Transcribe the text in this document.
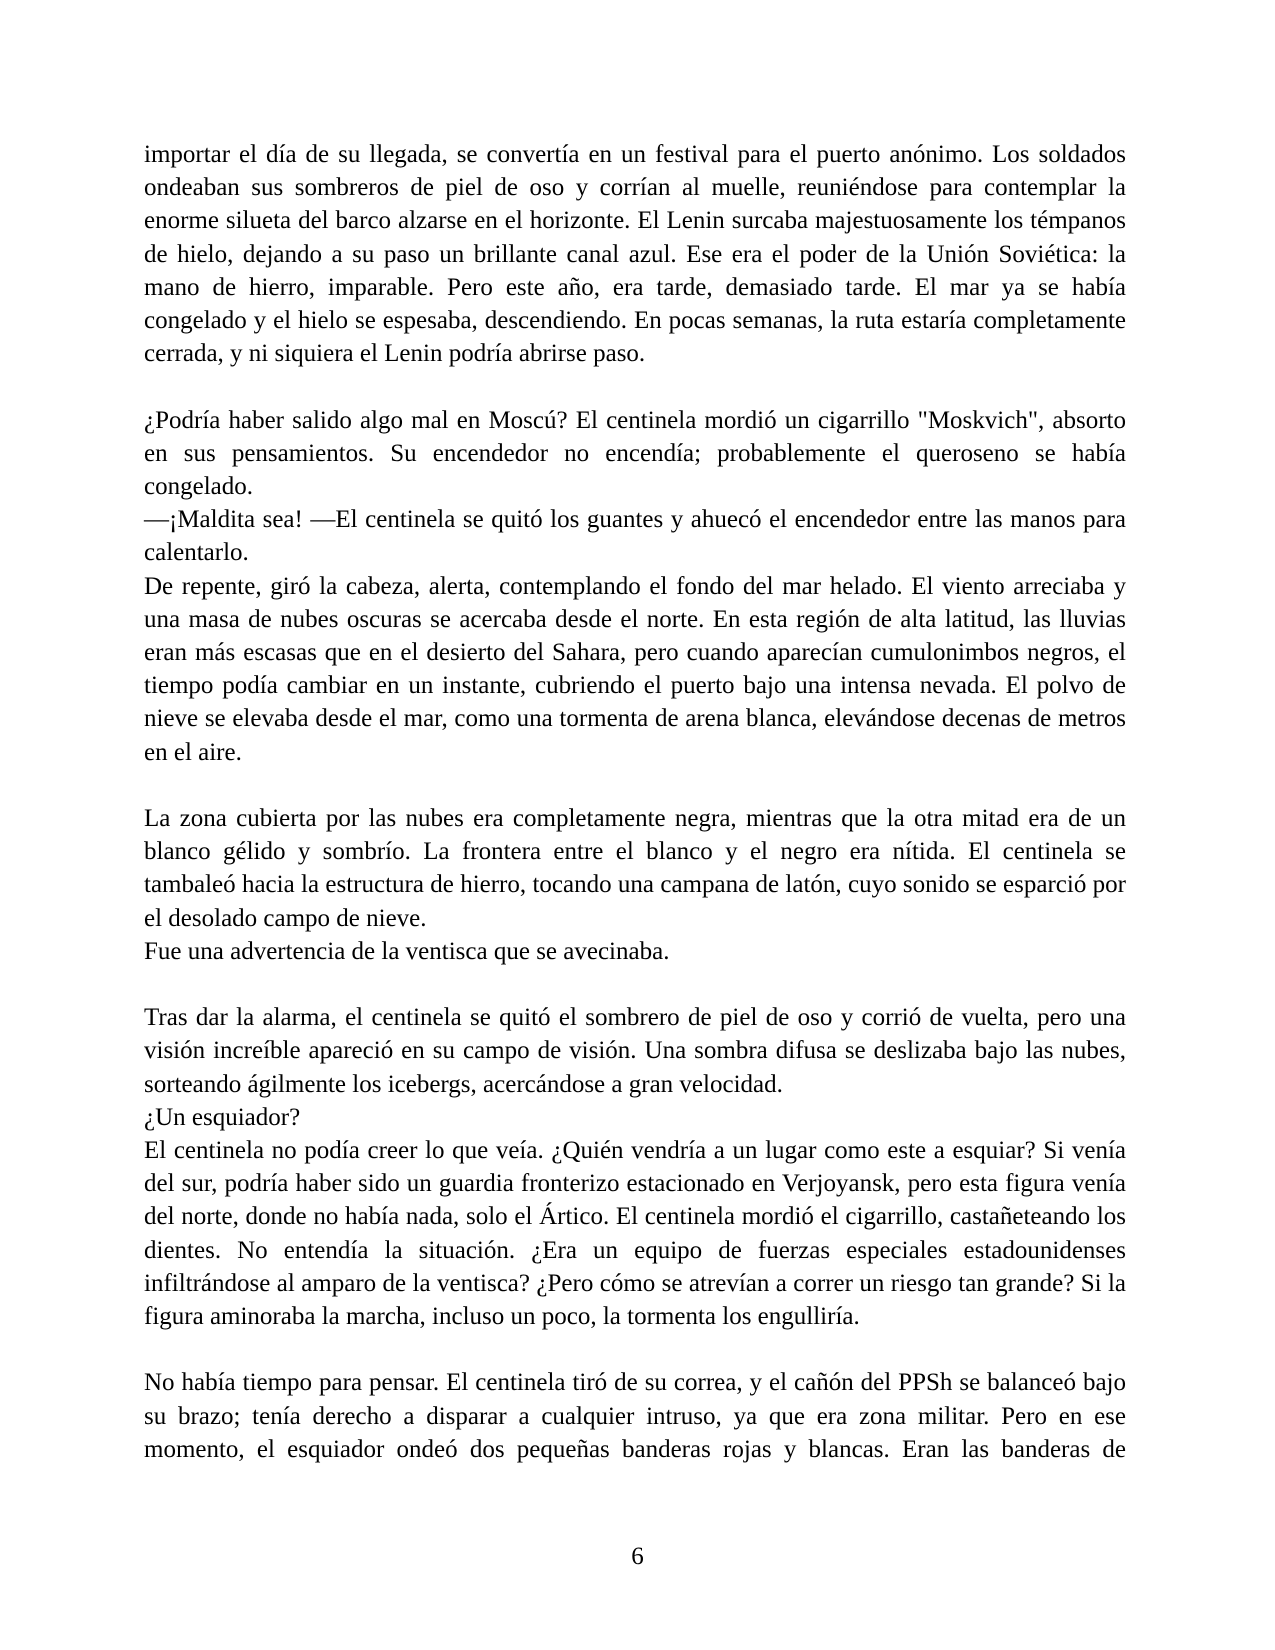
importar el día de su llegada, se convertía en un festival para el puerto anónimo. Los soldados ondeaban sus sombreros de piel de oso y corrían al muelle, reuniéndose para contemplar la enorme silueta del barco alzarse en el horizonte. El Lenin surcaba majestuosamente los témpanos de hielo, dejando a su paso un brillante canal azul. Ese era el poder de la Unión Soviética: la mano de hierro, imparable. Pero este año, era tarde, demasiado tarde. El mar ya se había congelado y el hielo se espesaba, descendiendo. En pocas semanas, la ruta estaría completamente cerrada, y ni siquiera el Lenin podría abrirse paso.

¿Podría haber salido algo mal en Moscú? El centinela mordió un cigarrillo "Moskvich", absorto en sus pensamientos. Su encendedor no encendía; probablemente el queroseno se había congelado.

—¡Maldita sea! —El centinela se quitó los guantes y ahuecó el encendedor entre las manos para calentarlo.

De repente, giró la cabeza, alerta, contemplando el fondo del mar helado. El viento arreciaba y una masa de nubes oscuras se acercaba desde el norte. En esta región de alta latitud, las lluvias eran más escasas que en el desierto del Sahara, pero cuando aparecían cumulonimbos negros, el tiempo podía cambiar en un instante, cubriendo el puerto bajo una intensa nevada. El polvo de nieve se elevaba desde el mar, como una tormenta de arena blanca, elevándose decenas de metros en el aire.

La zona cubierta por las nubes era completamente negra, mientras que la otra mitad era de un blanco gélido y sombrío. La frontera entre el blanco y el negro era nítida. El centinela se tambaleó hacia la estructura de hierro, tocando una campana de latón, cuyo sonido se esparció por el desolado campo de nieve.

Fue una advertencia de la ventisca que se avecinaba.

Tras dar la alarma, el centinela se quitó el sombrero de piel de oso y corrió de vuelta, pero una visión increíble apareció en su campo de visión. Una sombra difusa se deslizaba bajo las nubes, sorteando ágilmente los icebergs, acercándose a gran velocidad.

¿Un esquiador?

El centinela no podía creer lo que veía. ¿Quién vendría a un lugar como este a esquiar? Si venía del sur, podría haber sido un guardia fronterizo estacionado en Verjoyansk, pero esta figura venía del norte, donde no había nada, solo el Ártico. El centinela mordió el cigarrillo, castañeteando los dientes. No entendía la situación. ¿Era un equipo de fuerzas especiales estadounidenses infiltrándose al amparo de la ventisca? ¿Pero cómo se atrevían a correr un riesgo tan grande? Si la figura aminoraba la marcha, incluso un poco, la tormenta los engulliría.

No había tiempo para pensar. El centinela tiró de su correa, y el cañón del PPSh se balanceó bajo su brazo; tenía derecho a disparar a cualquier intruso, ya que era zona militar. Pero en ese momento, el esquiador ondeó dos pequeñas banderas rojas y blancas. Eran las banderas de

6
